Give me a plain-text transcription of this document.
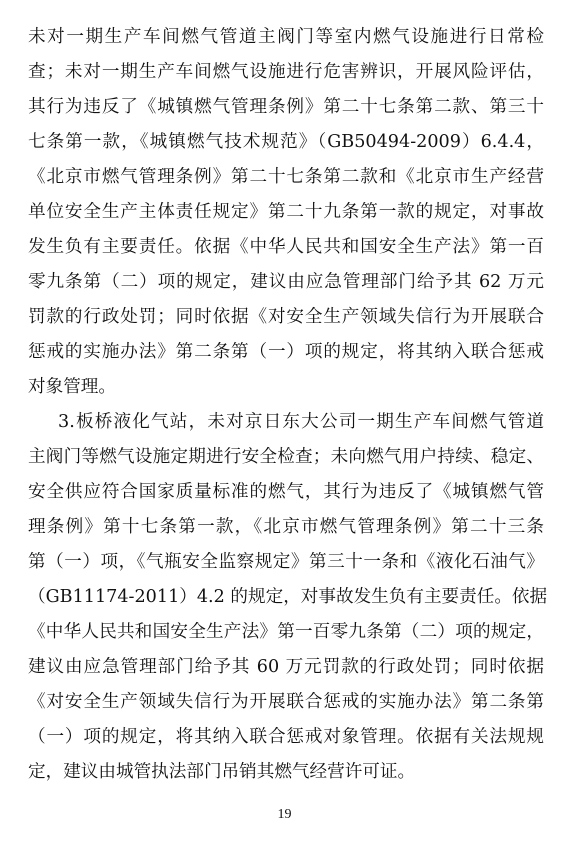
未对一期生产车间燃气管道主阀门等室内燃气设施进行日常检
查；未对一期生产车间燃气设施进行危害辨识，开展风险评估，
其行为违反了《城镇燃气管理条例》第二十七条第二款、第三十
七条第一款，《城镇燃气技术规范》（GB50494-2009）6.4.4，
《北京市燃气管理条例》第二十七条第二款和《北京市生产经营
单位安全生产主体责任规定》第二十九条第一款的规定，对事故
发生负有主要责任。依据《中华人民共和国安全生产法》第一百
零九条第（二）项的规定，建议由应急管理部门给予其 62 万元
罚款的行政处罚；同时依据《对安全生产领域失信行为开展联合
惩戒的实施办法》第二条第（一）项的规定，将其纳入联合惩戒
对象管理。
3.板桥液化气站，未对京日东大公司一期生产车间燃气管道
主阀门等燃气设施定期进行安全检查；未向燃气用户持续、稳定、
安全供应符合国家质量标准的燃气，其行为违反了《城镇燃气管
理条例》第十七条第一款，《北京市燃气管理条例》第二十三条
第（一）项，《气瓶安全监察规定》第三十一条和《液化石油气》
（GB11174-2011）4.2 的规定，对事故发生负有主要责任。依据
《中华人民共和国安全生产法》第一百零九条第（二）项的规定，
建议由应急管理部门给予其 60 万元罚款的行政处罚；同时依据
《对安全生产领域失信行为开展联合惩戒的实施办法》第二条第
（一）项的规定，将其纳入联合惩戒对象管理。依据有关法规规
定，建议由城管执法部门吊销其燃气经营许可证。
19
